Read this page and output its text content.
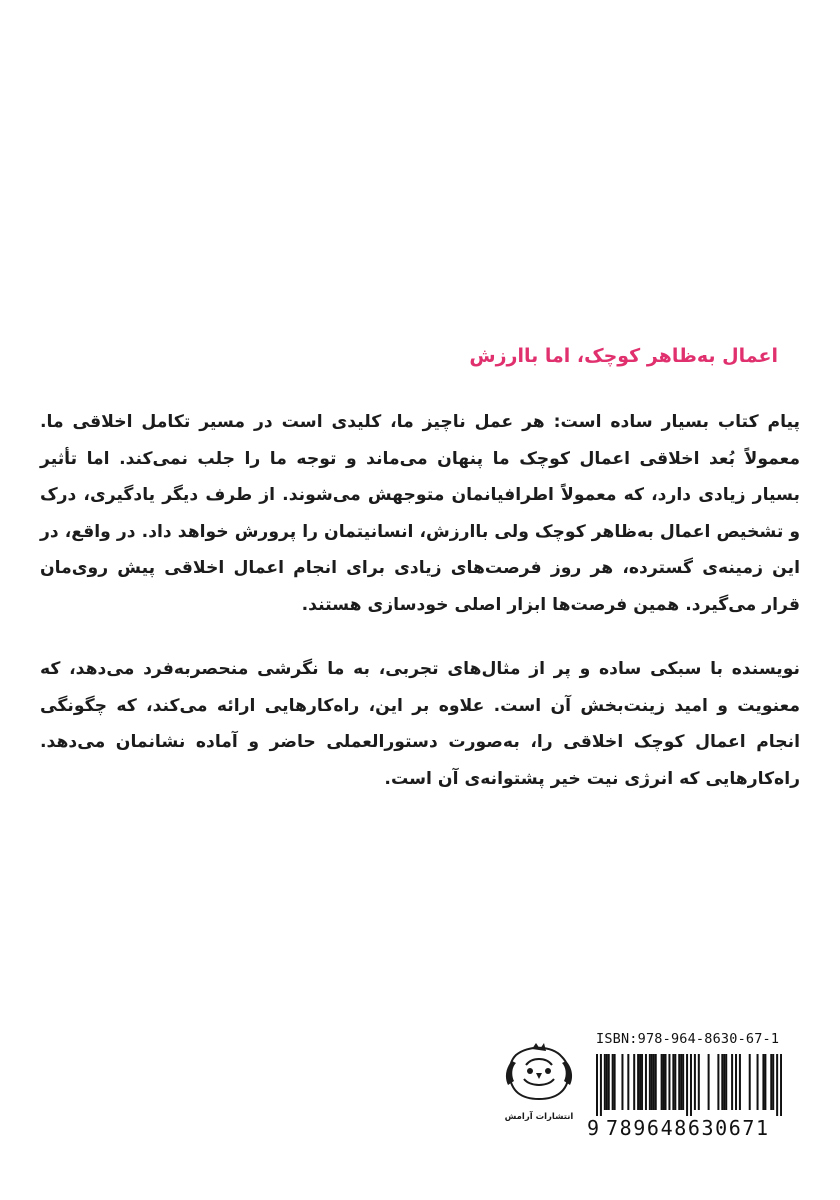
اعمال به‌ظاهر کوچک، اما باارزش

پیام کتاب بسیار ساده است: هر عمل ناچیز ما، کلیدی است در مسیر تکامل اخلاقی ما. معمولاً بُعد اخلاقی اعمال کوچک ما پنهان می‌ماند و توجه ما را جلب نمی‌کند. اما تأثیر بسیار زیادی دارد، که معمولاً اطرافیانمان متوجهش می‌شوند. از طرف دیگر یادگیری، درک و تشخیص اعمال به‌ظاهر کوچک ولی باارزش، انسانیتمان را پرورش خواهد داد. در واقع، در این زمینه‌ی گسترده، هر روز فرصت‌های زیادی برای انجام اعمال اخلاقی پیش روی‌مان قرار می‌گیرد. همین فرصت‌ها ابزار اصلی خودسازی هستند.

نویسنده با سبکی ساده و پر از مثال‌های تجربی، به ما نگرشی منحصربه‌فرد می‌دهد، که معنویت و امید زینت‌بخش آن است. علاوه بر این، راه‌کارهایی ارائه می‌کند، که چگونگی انجام اعمال کوچک اخلاقی را، به‌صورت دستورالعملی حاضر و آماده نشانمان می‌دهد. راه‌کارهایی که انرژی نیت خیر پشتوانه‌ی آن است.

انتشارات آرامش
ISBN:978-964-8630-67-1
9 789648630671
